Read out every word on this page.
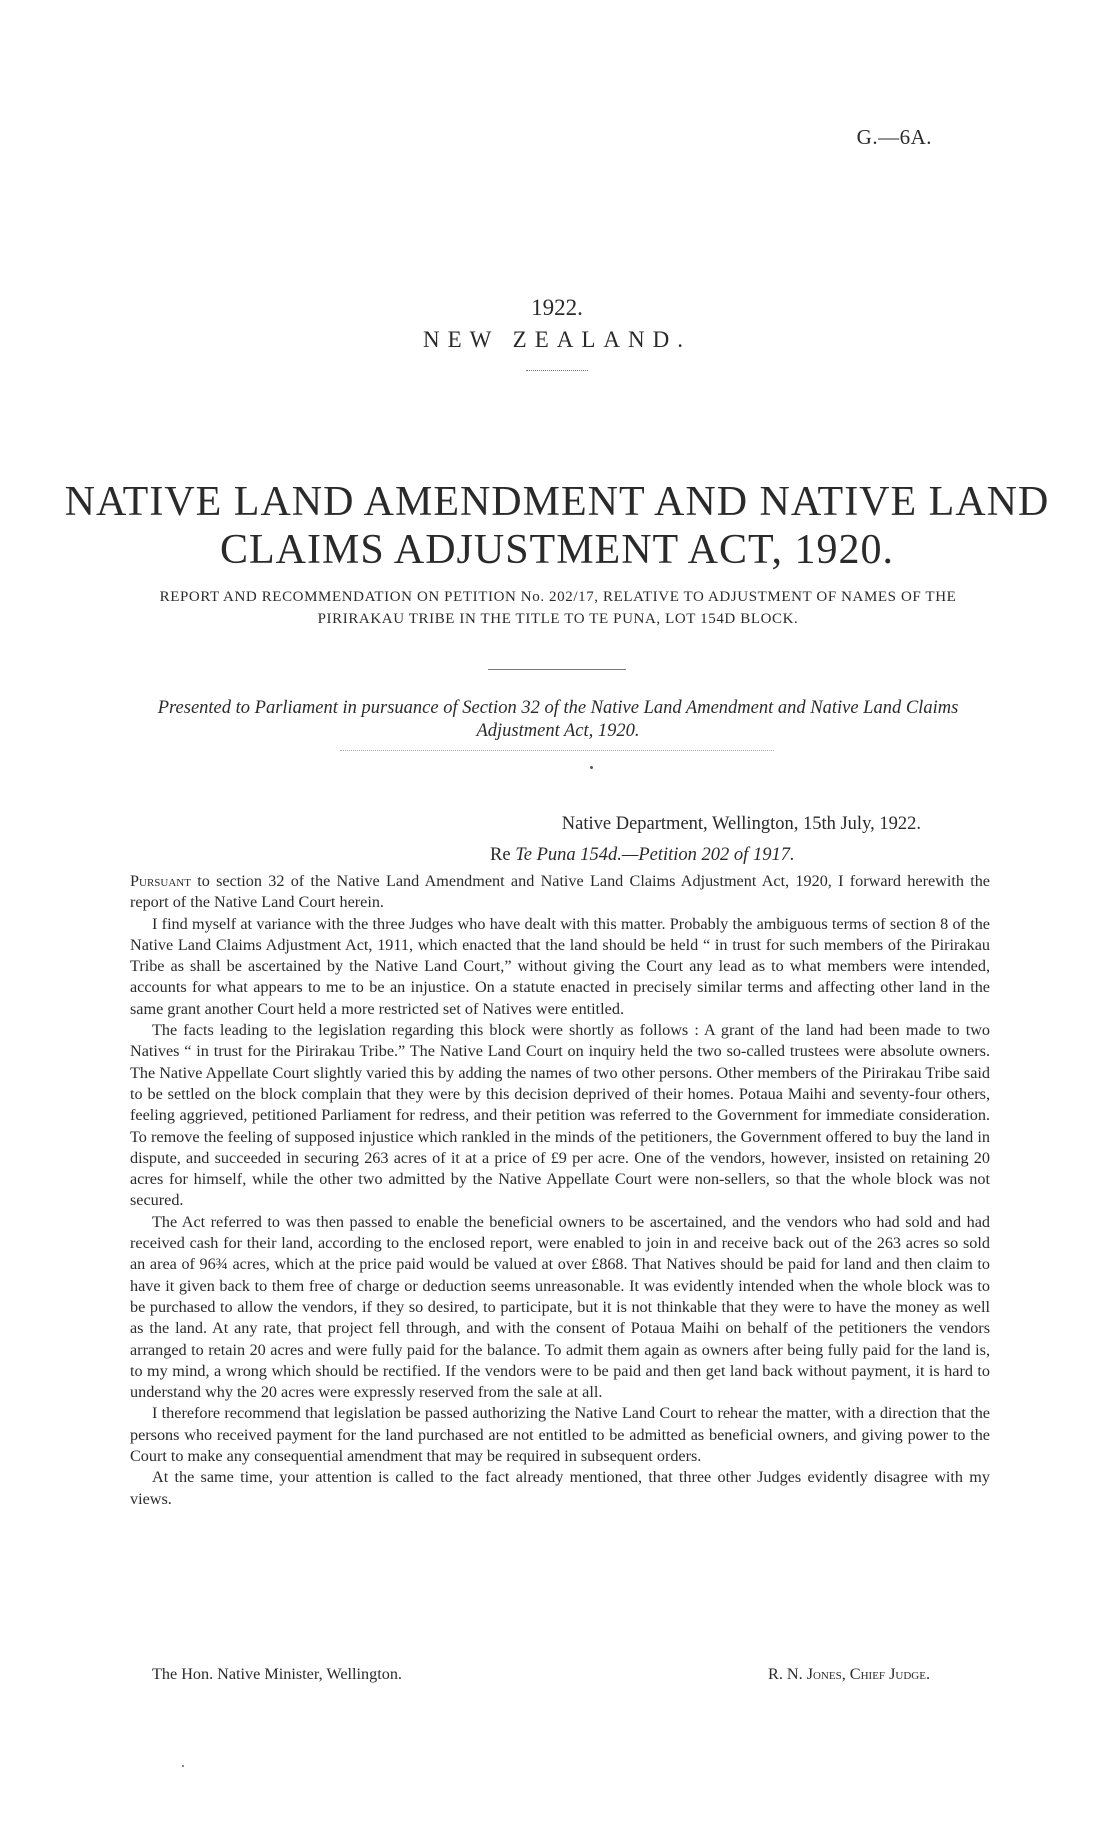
G.—6A.
1922.
NEW ZEALAND.
NATIVE LAND AMENDMENT AND NATIVE LAND
CLAIMS ADJUSTMENT ACT, 1920.
REPORT AND RECOMMENDATION ON PETITION No. 202/17, RELATIVE TO ADJUSTMENT OF NAMES OF THE PIRIRAKAU TRIBE IN THE TITLE TO TE PUNA, LOT 154D BLOCK.
Presented to Parliament in pursuance of Section 32 of the Native Land Amendment and Native Land Claims Adjustment Act, 1920.
Native Department, Wellington, 15th July, 1922.
Re Te Puna 154d.—Petition 202 of 1917.

Pursuant to section 32 of the Native Land Amendment and Native Land Claims Adjustment Act, 1920, I forward herewith the report of the Native Land Court herein.

I find myself at variance with the three Judges who have dealt with this matter. Probably the ambiguous terms of section 8 of the Native Land Claims Adjustment Act, 1911, which enacted that the land should be held “ in trust for such members of the Pirirakau Tribe as shall be ascertained by the Native Land Court,” without giving the Court any lead as to what members were intended, accounts for what appears to me to be an injustice. On a statute enacted in precisely similar terms and affecting other land in the same grant another Court held a more restricted set of Natives were entitled.

The facts leading to the legislation regarding this block were shortly as follows : A grant of the land had been made to two Natives “ in trust for the Pirirakau Tribe.” The Native Land Court on inquiry held the two so-called trustees were absolute owners. The Native Appellate Court slightly varied this by adding the names of two other persons. Other members of the Pirirakau Tribe said to be settled on the block complain that they were by this decision deprived of their homes. Potaua Maihi and seventy-four others, feeling aggrieved, petitioned Parliament for redress, and their petition was referred to the Government for immediate consideration. To remove the feeling of supposed injustice which rankled in the minds of the petitioners, the Government offered to buy the land in dispute, and succeeded in securing 263 acres of it at a price of £9 per acre. One of the vendors, however, insisted on retaining 20 acres for himself, while the other two admitted by the Native Appellate Court were non-sellers, so that the whole block was not secured.

The Act referred to was then passed to enable the beneficial owners to be ascertained, and the vendors who had sold and had received cash for their land, according to the enclosed report, were enabled to join in and receive back out of the 263 acres so sold an area of 96¾ acres, which at the price paid would be valued at over £868. That Natives should be paid for land and then claim to have it given back to them free of charge or deduction seems unreasonable. It was evidently intended when the whole block was to be purchased to allow the vendors, if they so desired, to participate, but it is not thinkable that they were to have the money as well as the land. At any rate, that project fell through, and with the consent of Potaua Maihi on behalf of the petitioners the vendors arranged to retain 20 acres and were fully paid for the balance. To admit them again as owners after being fully paid for the land is, to my mind, a wrong which should be rectified. If the vendors were to be paid and then get land back without payment, it is hard to understand why the 20 acres were expressly reserved from the sale at all.

I therefore recommend that legislation be passed authorizing the Native Land Court to rehear the matter, with a direction that the persons who received payment for the land purchased are not entitled to be admitted as beneficial owners, and giving power to the Court to make any consequential amendment that may be required in subsequent orders.

At the same time, your attention is called to the fact already mentioned, that three other Judges evidently disagree with my views.

The Hon. Native Minister, Wellington.	R. N. Jones, Chief Judge.
